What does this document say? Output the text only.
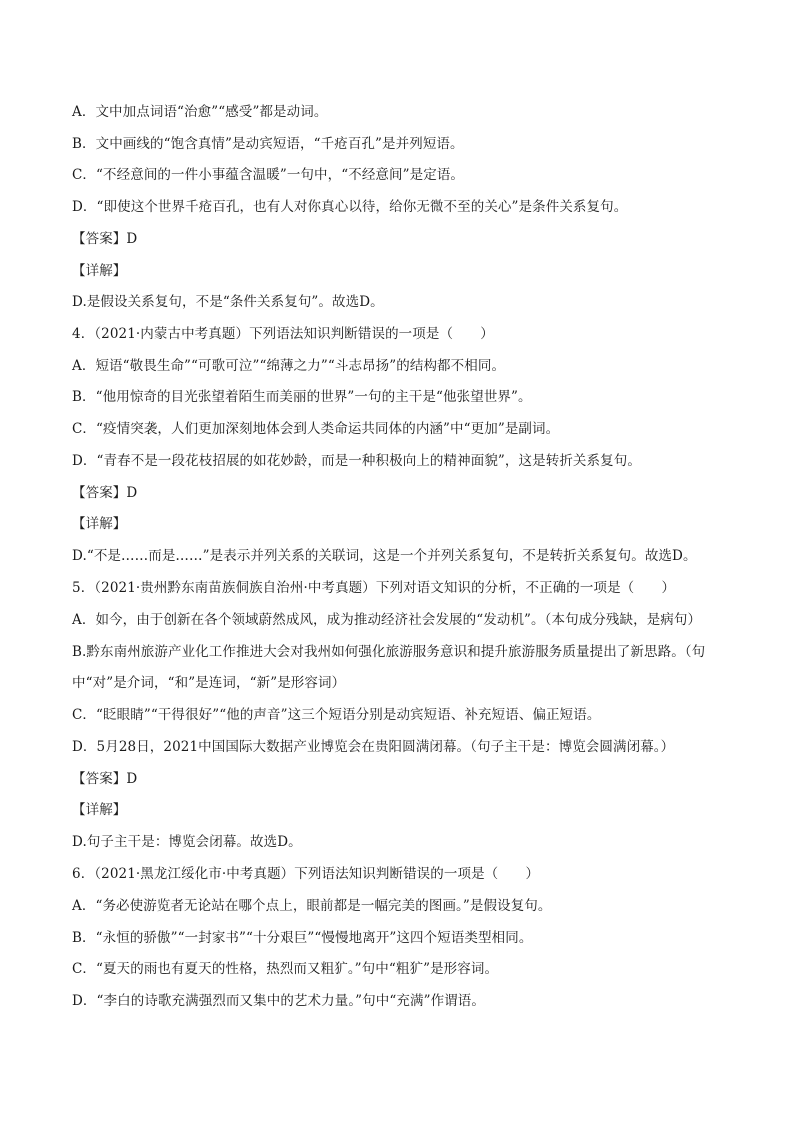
A．文中加点词语“治愈”“感受”都是动词。
B．文中画线的“饱含真情”是动宾短语，“千疮百孔”是并列短语。
C．“不经意间的一件小事蕴含温暖”一句中，“不经意间”是定语。
D．“即使这个世界千疮百孔，也有人对你真心以待，给你无微不至的关心”是条件关系复句。
【答案】D
【详解】
D.是假设关系复句，不是“条件关系复句”。故选D。
4．（2021·内蒙古中考真题）下列语法知识判断错误的一项是（　　）
A．短语“敬畏生命”“可歌可泣”“绵薄之力”“斗志昂扬”的结构都不相同。
B．“他用惊奇的目光张望着陌生而美丽的世界”一句的主干是“他张望世界”。
C．“疫情突袭，人们更加深刻地体会到人类命运共同体的内涵”中“更加”是副词。
D．“青春不是一段花枝招展的如花妙龄，而是一种积极向上的精神面貌”，这是转折关系复句。
【答案】D
【详解】
D.“不是……而是……”是表示并列关系的关联词，这是一个并列关系复句，不是转折关系复句。故选D。
5．（2021·贵州黔东南苗族侗族自治州·中考真题）下列对语文知识的分析，不正确的一项是（　　）
A．如今，由于创新在各个领域蔚然成风，成为推动经济社会发展的“发动机”。（本句成分残缺，是病句）
B.黔东南州旅游产业化工作推进大会对我州如何强化旅游服务意识和提升旅游服务质量提出了新思路。（句
中“对”是介词，“和”是连词，“新”是形容词）
C．“眨眼睛”“干得很好”“他的声音”这三个短语分别是动宾短语、补充短语、偏正短语。
D．5月28日，2021中国国际大数据产业博览会在贵阳圆满闭幕。（句子主干是：博览会圆满闭幕。）
【答案】D
【详解】
D.句子主干是：博览会闭幕。故选D。
6．（2021·黑龙江绥化市·中考真题）下列语法知识判断错误的一项是（　　）
A．“务必使游览者无论站在哪个点上，眼前都是一幅完美的图画。”是假设复句。
B．“永恒的骄傲”“一封家书”“十分艰巨”“慢慢地离开”这四个短语类型相同。
C．“夏天的雨也有夏天的性格，热烈而又粗犷。”句中“粗犷”是形容词。
D．“李白的诗歌充满强烈而又集中的艺术力量。”句中“充满”作谓语。
